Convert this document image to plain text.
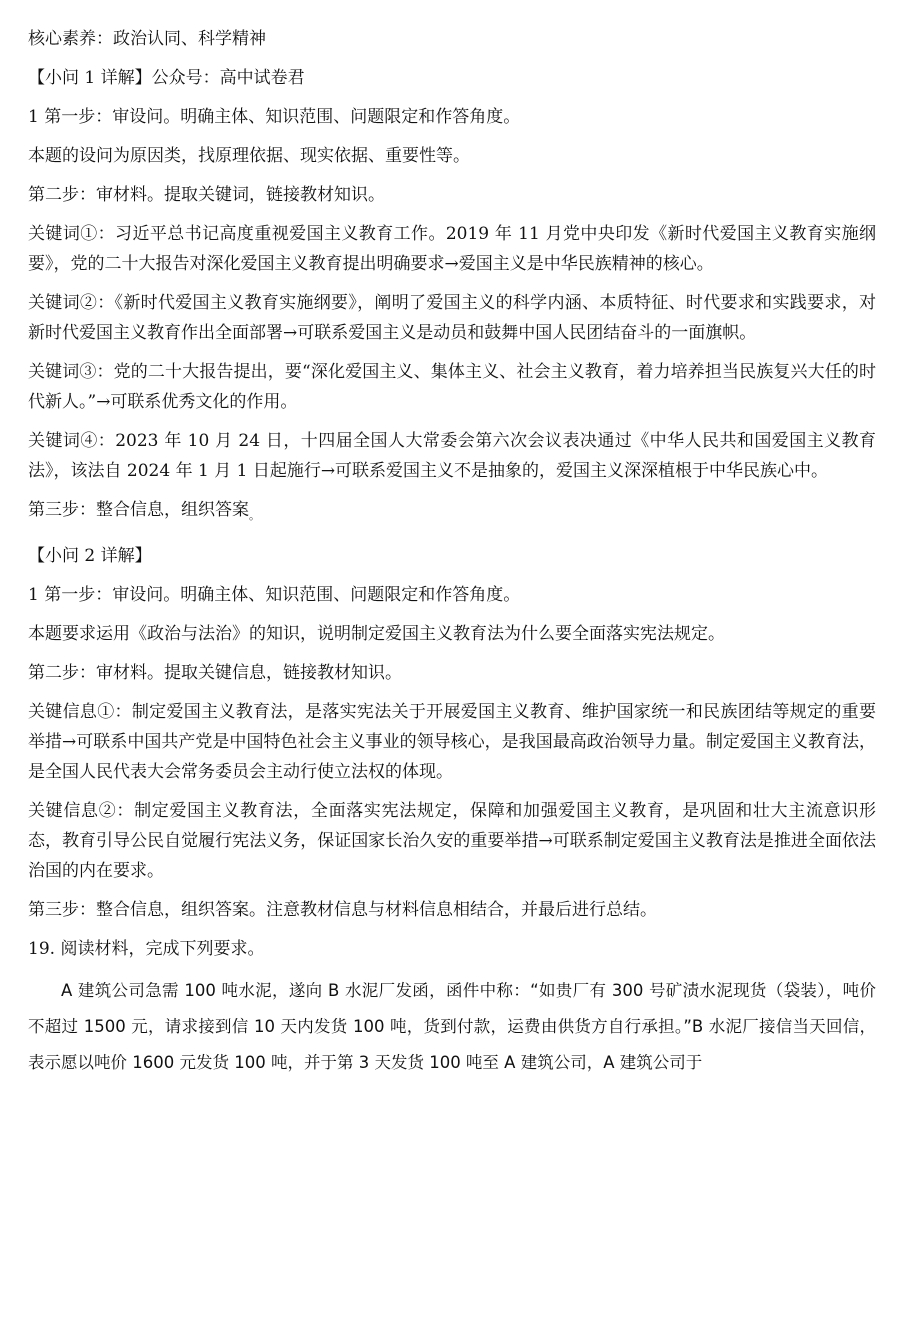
核心素养：政治认同、科学精神

【小问 1 详解】公众号：高中试卷君

1 第一步：审设问。明确主体、知识范围、问题限定和作答角度。

本题的设问为原因类，找原理依据、现实依据、重要性等。

第二步：审材料。提取关键词，链接教材知识。

关键词①：习近平总书记高度重视爱国主义教育工作。2019 年 11 月党中央印发《新时代爱国主义教育实施纲要》，党的二十大报告对深化爱国主义教育提出明确要求→爱国主义是中华民族精神的核心。

关键词②：《新时代爱国主义教育实施纲要》，阐明了爱国主义的科学内涵、本质特征、时代要求和实践要求，对新时代爱国主义教育作出全面部署→可联系爱国主义是动员和鼓舞中国人民团结奋斗的一面旗帜。

关键词③：党的二十大报告提出，要“深化爱国主义、集体主义、社会主义教育，着力培养担当民族复兴大任的时代新人。”→可联系优秀文化的作用。

关键词④：2023 年 10 月 24 日，十四届全国人大常委会第六次会议表决通过《中华人民共和国爱国主义教育法》，该法自 2024 年 1 月 1 日起施行→可联系爱国主义不是抽象的，爱国主义深深植根于中华民族心中。

第三步：整合信息，组织答案$_。$

【小问 2 详解】

1 第一步：审设问。明确主体、知识范围、问题限定和作答角度。

本题要求运用《政治与法治》的知识，说明制定爱国主义教育法为什么要全面落实宪法规定。

第二步：审材料。提取关键信息，链接教材知识。

关键信息①：制定爱国主义教育法，是落实宪法关于开展爱国主义教育、维护国家统一和民族团结等规定的重要举措→可联系中国共产党是中国特色社会主义事业的领导核心，是我国最高政治领导力量。制定爱国主义教育法，是全国人民代表大会常务委员会主动行使立法权的体现。

关键信息②：制定爱国主义教育法，全面落实宪法规定，保障和加强爱国主义教育，是巩固和壮大主流意识形态，教育引导公民自觉履行宪法义务，保证国家长治久安的重要举措→可联系制定爱国主义教育法是推进全面依法治国的内在要求。

第三步：整合信息，组织答案。注意教材信息与材料信息相结合，并最后进行总结。

19. 阅读材料，完成下列要求。

A 建筑公司急需 100 吨水泥，遂向 B 水泥厂发函，函件中称：“如贵厂有 300 号矿渍水泥现货（袋装），吨价不超过 1500 元，请求接到信 10 天内发货 100 吨，货到付款，运费由供货方自行承担。”B 水泥厂接信当天回信，表示愿以吨价 1600 元发货 100 吨，并于第 3 天发货 100 吨至 A 建筑公司，A 建筑公司于
